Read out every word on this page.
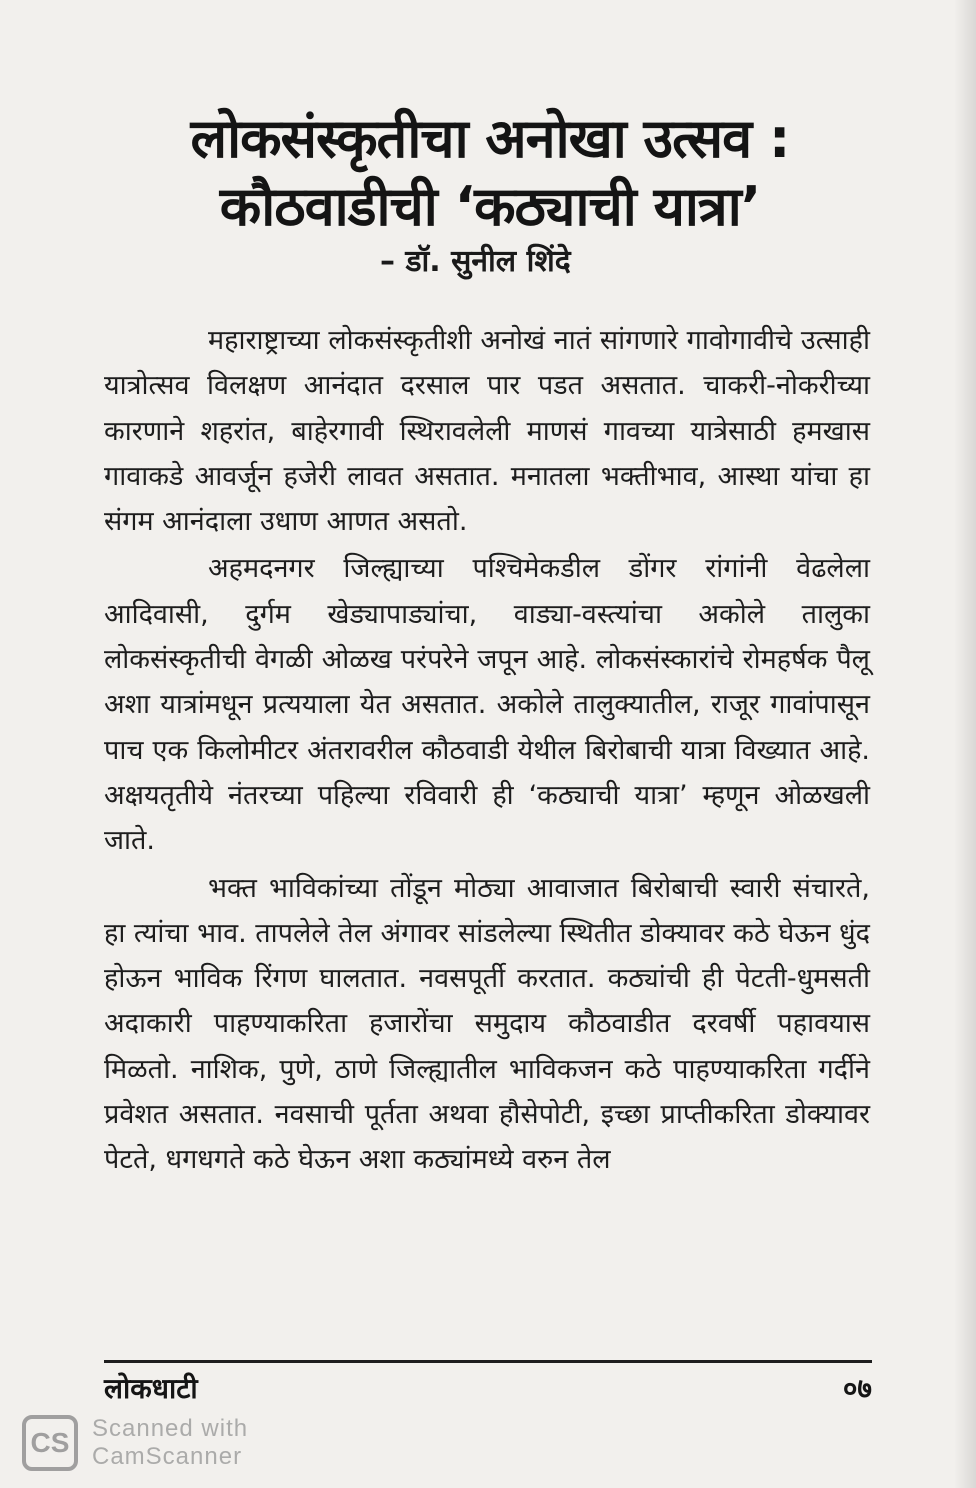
लोकसंस्कृतीचा अनोखा उत्सव :
कौठवाडीची ‘कठ्याची यात्रा’
– डॉ. सुनील शिंदे

महाराष्ट्राच्या लोकसंस्कृतीशी अनोखं नातं सांगणारे गावोगावीचे उत्साही यात्रोत्सव विलक्षण आनंदात दरसाल पार पडत असतात. चाकरी-नोकरीच्या कारणाने शहरांत, बाहेरगावी स्थिरावलेली माणसं गावच्या यात्रेसाठी हमखास गावाकडे आवर्जून हजेरी लावत असतात. मनातला भक्तीभाव, आस्था यांचा हा संगम आनंदाला उधाण आणत असतो.

अहमदनगर जिल्ह्याच्या पश्चिमेकडील डोंगर रांगांनी वेढलेला आदिवासी, दुर्गम खेड्यापाड्यांचा, वाड्या-वस्त्यांचा अकोले तालुका लोकसंस्कृतीची वेगळी ओळख परंपरेने जपून आहे. लोकसंस्कारांचे रोमहर्षक पैलू अशा यात्रांमधून प्रत्ययाला येत असतात. अकोले तालुक्यातील, राजूर गावांपासून पाच एक किलोमीटर अंतरावरील कौठवाडी येथील बिरोबाची यात्रा विख्यात आहे. अक्षयतृतीये नंतरच्या पहिल्या रविवारी ही ‘कठ्याची यात्रा’ म्हणून ओळखली जाते.

भक्त भाविकांच्या तोंडून मोठ्या आवाजात बिरोबाची स्वारी संचारते, हा त्यांचा भाव. तापलेले तेल अंगावर सांडलेल्या स्थितीत डोक्यावर कठे घेऊन धुंद होऊन भाविक रिंगण घालतात. नवसपूर्ती करतात. कठ्यांची ही पेटती-धुमसती अदाकारी पाहण्याकरिता हजारोंचा समुदाय कौठवाडीत दरवर्षी पहावयास मिळतो. नाशिक, पुणे, ठाणे जिल्ह्यातील भाविकजन कठे पाहण्याकरिता गर्दीने प्रवेशत असतात. नवसाची पूर्तता अथवा हौसेपोटी, इच्छा प्राप्तीकरिता डोक्यावर पेटते, धगधगते कठे घेऊन अशा कठ्यांमध्ये वरुन तेल

लोकधाटी	०७
CS Scanned with
CamScanner
